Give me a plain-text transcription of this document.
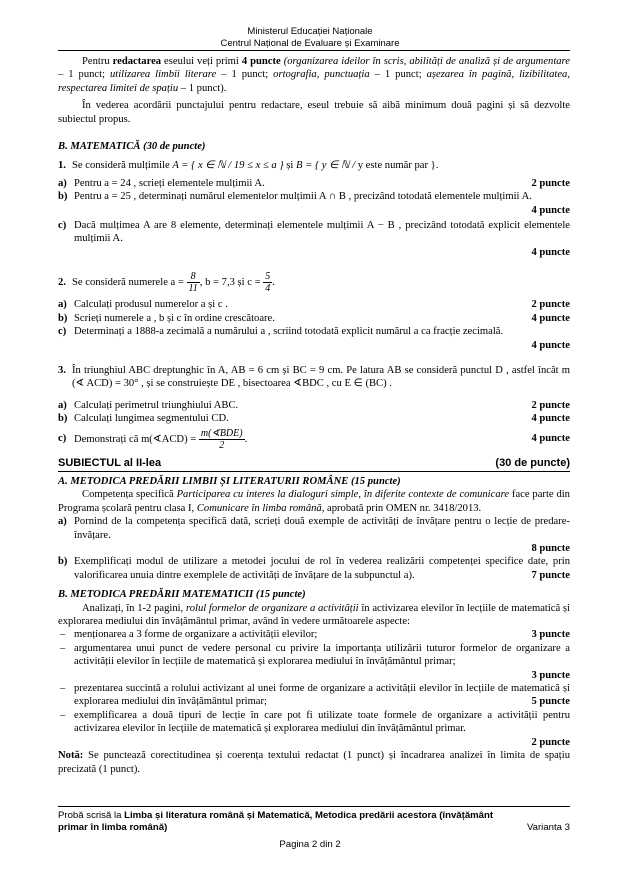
Ministerul Educației Naționale
Centrul Național de Evaluare și Examinare

Pentru redactarea eseului veți primi 4 puncte (organizarea ideilor în scris, abilități de analiză și de argumentare – 1 punct; utilizarea limbii literare – 1 punct; ortografia, punctuația – 1 punct; așezarea în pagină, lizibilitatea, respectarea limitei de spațiu – 1 punct).

În vederea acordării punctajului pentru redactare, eseul trebuie să aibă minimum două pagini și să dezvolte subiectul propus.

B. MATEMATICĂ (30 de puncte)
1. Se consideră mulțimile A = { x ∈ ℕ / 19 ≤ x ≤ a } și B = { y ∈ ℕ / y este număr par }.
a) Pentru a = 24 , scrieți elementele mulțimii A.	2 puncte
b) Pentru a = 25 , determinați numărul elementelor mulțimii A ∩ B , precizând totodată elementele mulțimii A.
4 puncte
c) Dacă mulțimea A are 8 elemente, determinați elementele mulțimii A − B , precizând totodată explicit elementele mulțimii A.
4 puncte
2. Se consideră numerele $a = \frac{8}{11}$ , b = 7,3 și $c = \frac{5}{4}$ .
a) Calculați produsul numerelor a și c .	2 puncte
b) Scrieți numerele a , b și c în ordine crescătoare.	4 puncte
c) Determinați a 1888-a zecimală a numărului a , scriind totodată explicit numărul a ca fracție zecimală.
4 puncte
3. În triunghiul ABC dreptunghic în A, AB = 6 cm și BC = 9 cm. Pe latura AB se consideră punctul D , astfel încât m (∢ ACD) = 30° , și se construiește DE , bisectoarea ∢BDC , cu E ∈ (BC) .

a) Calculați perimetrul triunghiului ABC.	2 puncte
b) Calculați lungimea segmentului CD.	4 puncte
c) Demonstrați că m(∢ACD) = $\frac{\text{m(∢BDE)}}{2}$ .	4 puncte
SUBIECTUL al II-lea	(30 de puncte)
A. METODICA PREDĂRII LIMBII ȘI LITERATURII ROMÂNE (15 puncte)

Competența specifică Participarea cu interes la dialoguri simple, în diferite contexte de comunicare face parte din Programa școlară pentru clasa I, Comunicare în limba română, aprobată prin OMEN nr. 3418/2013.

a) Pornind de la competența specifică dată, scrieți două exemple de activități de învățare pentru o lecție de predare-învățare.
8 puncte
b) Exemplificați modul de utilizare a metodei jocului de rol în vederea realizării competenței specifice date, prin valorificarea unuia dintre exemplele de activități de învățare de la subpunctul a).	7 puncte
B. METODICA PREDĂRII MATEMATICII (15 puncte)

Analizați, în 1-2 pagini, rolul formelor de organizare a activității în activizarea elevilor în lecțiile de matematică și explorarea mediului din învățământul primar, având în vedere următoarele aspecte:

– menționarea a 3 forme de organizare a activității elevilor;	3 puncte
– argumentarea unui punct de vedere personal cu privire la importanța utilizării tuturor formelor de organizare a activității elevilor în lecțiile de matematică și explorarea mediului în învățământul primar;
3 puncte
– prezentarea succintă a rolului activizant al unei forme de organizare a activității elevilor în lecțiile de matematică și explorarea mediului din învățământul primar;	5 puncte
– exemplificarea a două tipuri de lecție în care pot fi utilizate toate formele de organizare a activității pentru activizarea elevilor în lecțiile de matematică și explorarea mediului din învățământul primar.
2 puncte

Notă: Se punctează corectitudinea și coerența textului redactat (1 punct) și încadrarea analizei în limita de spațiu precizată (1 punct).

Probă scrisă la Limba și literatura română și Matematică, Metodica predării acestora (învățământ
primar în limba română)	Varianta 3
Pagina 2 din 2
